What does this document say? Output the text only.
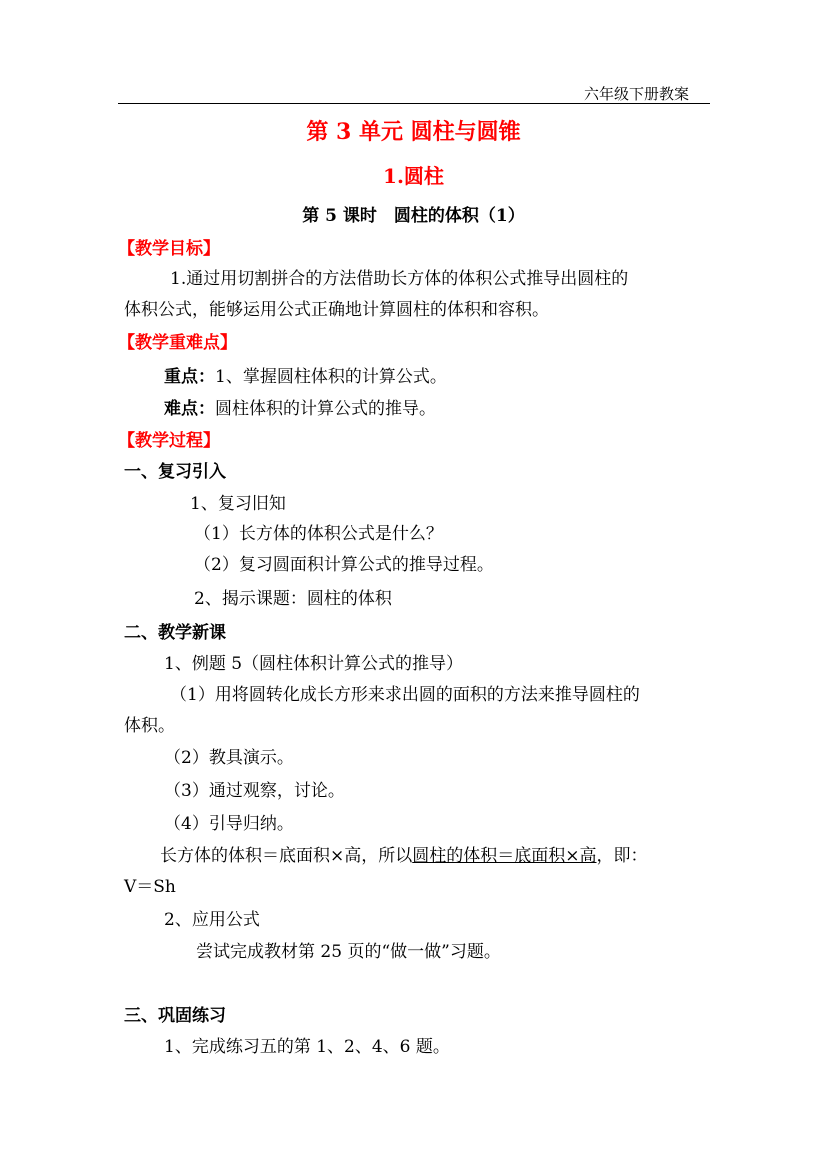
六年级下册教案
第 3 单元 圆柱与圆锥
1.圆柱
第 5 课时　圆柱的体积（1）
【教学目标】
1.通过用切割拼合的方法借助长方体的体积公式推导出圆柱的
体积公式，能够运用公式正确地计算圆柱的体积和容积。
【教学重难点】
重点：1、掌握圆柱体积的计算公式。
难点：圆柱体积的计算公式的推导。
【教学过程】
一、复习引入
1、复习旧知
（1）长方体的体积公式是什么？
（2）复习圆面积计算公式的推导过程。
2、揭示课题：圆柱的体积
二、教学新课
1、例题 5（圆柱体积计算公式的推导）
（1）用将圆转化成长方形来求出圆的面积的方法来推导圆柱的
体积。
（2）教具演示。
（3）通过观察，讨论。
（4）引导归纳。
长方体的体积＝底面积×高，所以圆柱的体积＝底面积×高，即：
V＝Sh
2、应用公式
尝试完成教材第 25 页的“做一做”习题。
三、巩固练习
1、完成练习五的第 1、2、4、6 题。
